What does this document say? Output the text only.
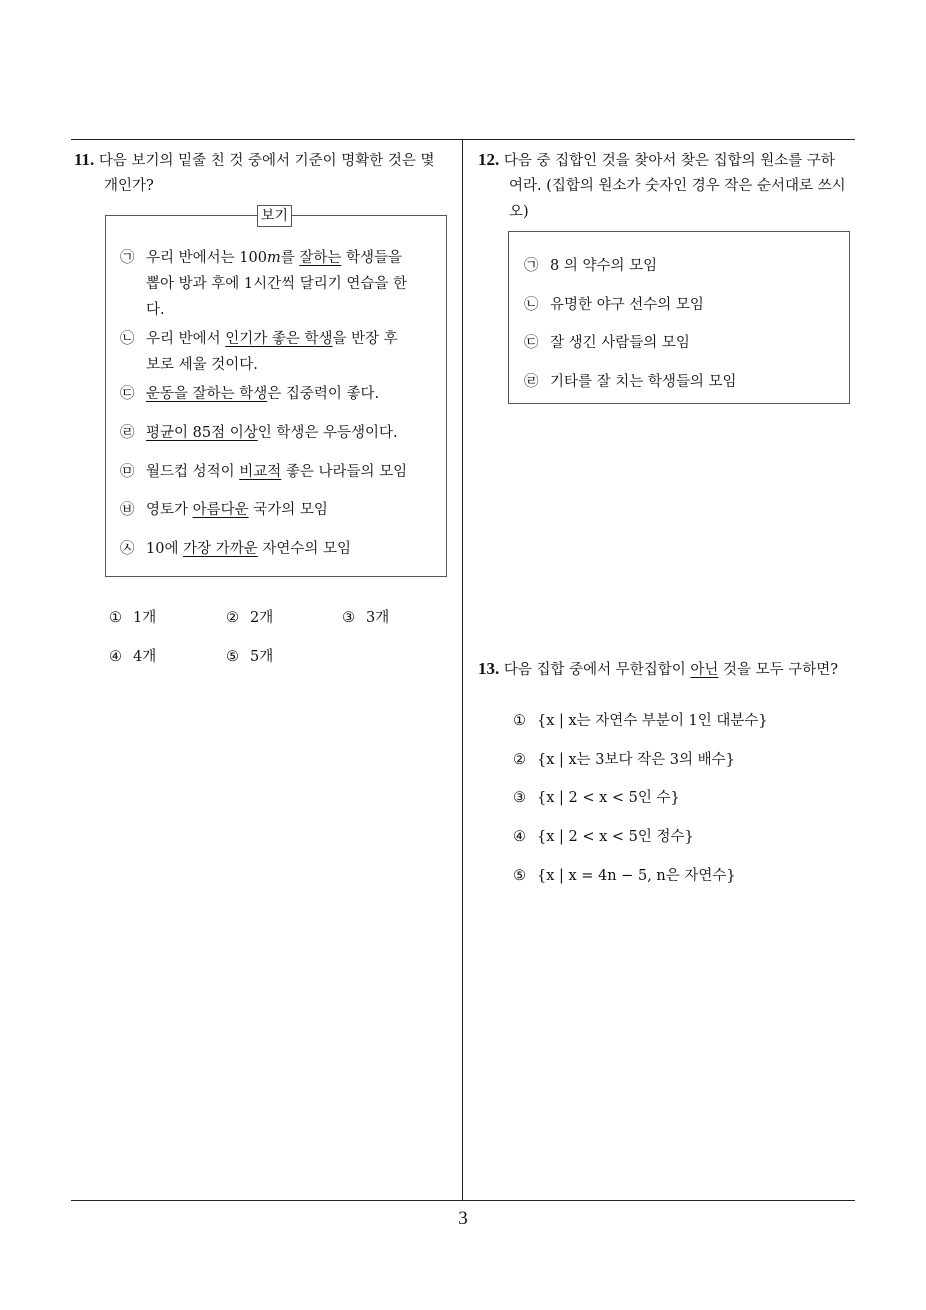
11. 다음 보기의 밑줄 친 것 중에서 기준이 명확한 것은 몇
개인가?
보기
㉠ 우리 반에서는 100m를 잘하는 학생들을
뽑아 방과 후에 1시간씩 달리기 연습을 한
다.
㉡ 우리 반에서 인기가 좋은 학생을 반장 후
보로 세울 것이다.
㉢ 운동을 잘하는 학생은 집중력이 좋다.
㉣ 평균이 85점 이상인 학생은 우등생이다.
㉤ 월드컵 성적이 비교적 좋은 나라들의 모임
㉥ 영토가 아름다운 국가의 모임
㉦ 10에 가장 가까운 자연수의 모임
① 1개	② 2개	③ 3개
④ 4개	⑤ 5개
12. 다음 중 집합인 것을 찾아서 찾은 집합의 원소를 구하
여라. (집합의 원소가 숫자인 경우 작은 순서대로 쓰시
오)
㉠ 8 의 약수의 모임
㉡ 유명한 야구 선수의 모임
㉢ 잘 생긴 사람들의 모임
㉣ 기타를 잘 치는 학생들의 모임
13. 다음 집합 중에서 무한집합이 아닌 것을 모두 구하면?
① {x | x는 자연수 부분이 1인 대분수}
② {x | x는 3보다 작은 3의 배수}
③ {x | 2 < x < 5인 수}
④ {x | 2 < x < 5인 정수}
⑤ {x | x = 4n − 5, n은 자연수}
3
